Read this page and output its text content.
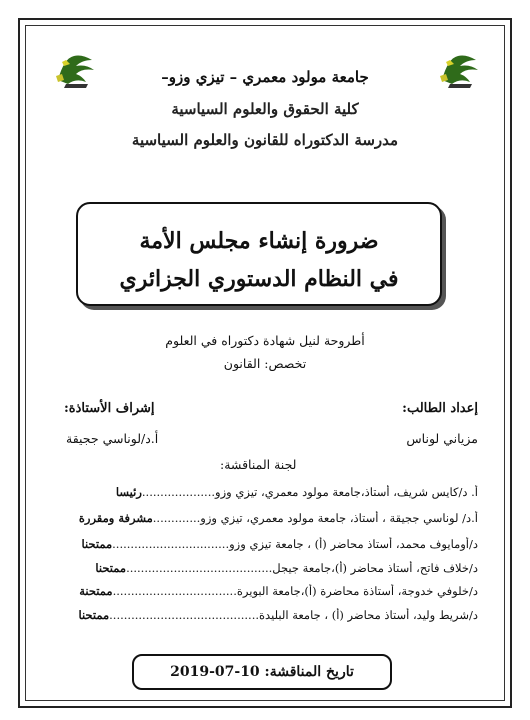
جامعة مولود معمري – تيزي وزو–
كلية الحقوق والعلوم السياسية
مدرسة الدكتوراه للقانون والعلوم السياسية
ضرورة إنشاء مجلس الأمة
في النظام الدستوري الجزائري
أطروحة لنيل شهادة دكتوراه في العلوم
تخصص: القانون
إعداد الطالب:
إشراف الأستاذة:
مزياني لوناس
أ.د/لوناسي ججيقة
لجنة المناقشة:
أ. د/كايس شريف، أستاذ،جامعة مولود معمري، تيزي وزو....................رئيسا
أ.د/ لوناسي ججيقة ، أستاذ، جامعة مولود معمري، تيزي وزو.............مشرفة ومقررة
د/أومايوف محمد، أستاذ محاضر (أ) ، جامعة تيزي وزو................................ممتحنا
د/خلاف فاتح، أستاذ محاضر (أ)،جامعة جيجل........................................ممتحنا
د/خلوفي خدوجة، أستاذة محاضرة (أ)،جامعة البويرة..................................ممتحنة
د/شريط وليد، أستاذ محاضر (أ) ، جامعة البليدة.........................................ممتحنا
تاريخ المناقشة: 10-07-2019
